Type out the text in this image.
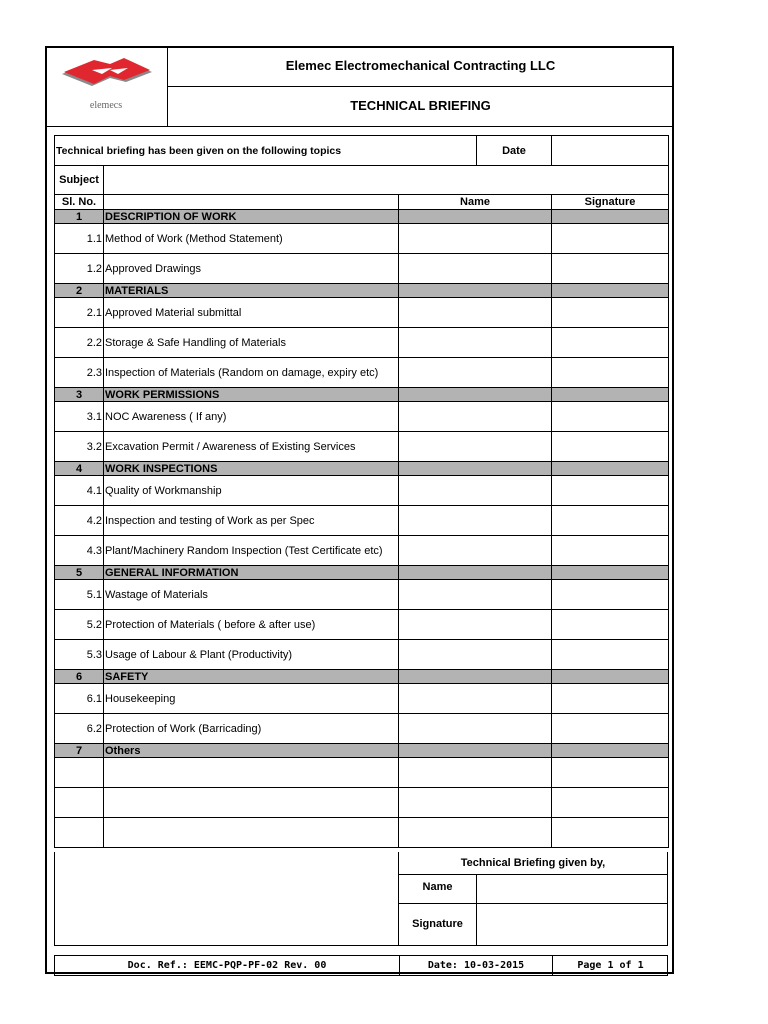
elemecs
Elemec Electromechanical Contracting LLC
TECHNICAL BRIEFING
Technical briefing has been given on the following topics			Date	
Subject				
Sl. No.		Name		Signature
1	DESCRIPTION OF WORK			
1.1	Method of Work (Method Statement)			
1.2	Approved Drawings			
2	MATERIALS			
2.1	Approved Material submittal			
2.2	Storage & Safe Handling of Materials			
2.3	Inspection of Materials (Random on damage, expiry etc)			
3	WORK PERMISSIONS			
3.1	NOC Awareness ( If any)			
3.2	Excavation Permit / Awareness of Existing Services			
4	WORK INSPECTIONS			
4.1	Quality of Workmanship			
4.2	Inspection and testing of Work as per Spec			
4.3	Plant/Machinery Random Inspection (Test Certificate etc)			
5	GENERAL INFORMATION			
5.1	Wastage of Materials			
5.2	Protection of Materials ( before & after use)			
5.3	Usage of Labour & Plant (Productivity)			
6	SAFETY			
6.1	Housekeeping			
6.2	Protection of Work (Barricading)			
7	Others			

Technical Briefing given by,
Name
Signature
Doc. Ref.: EEMC-PQP-PF-02 Rev. 00	Date: 10-03-2015	Page 1 of 1
